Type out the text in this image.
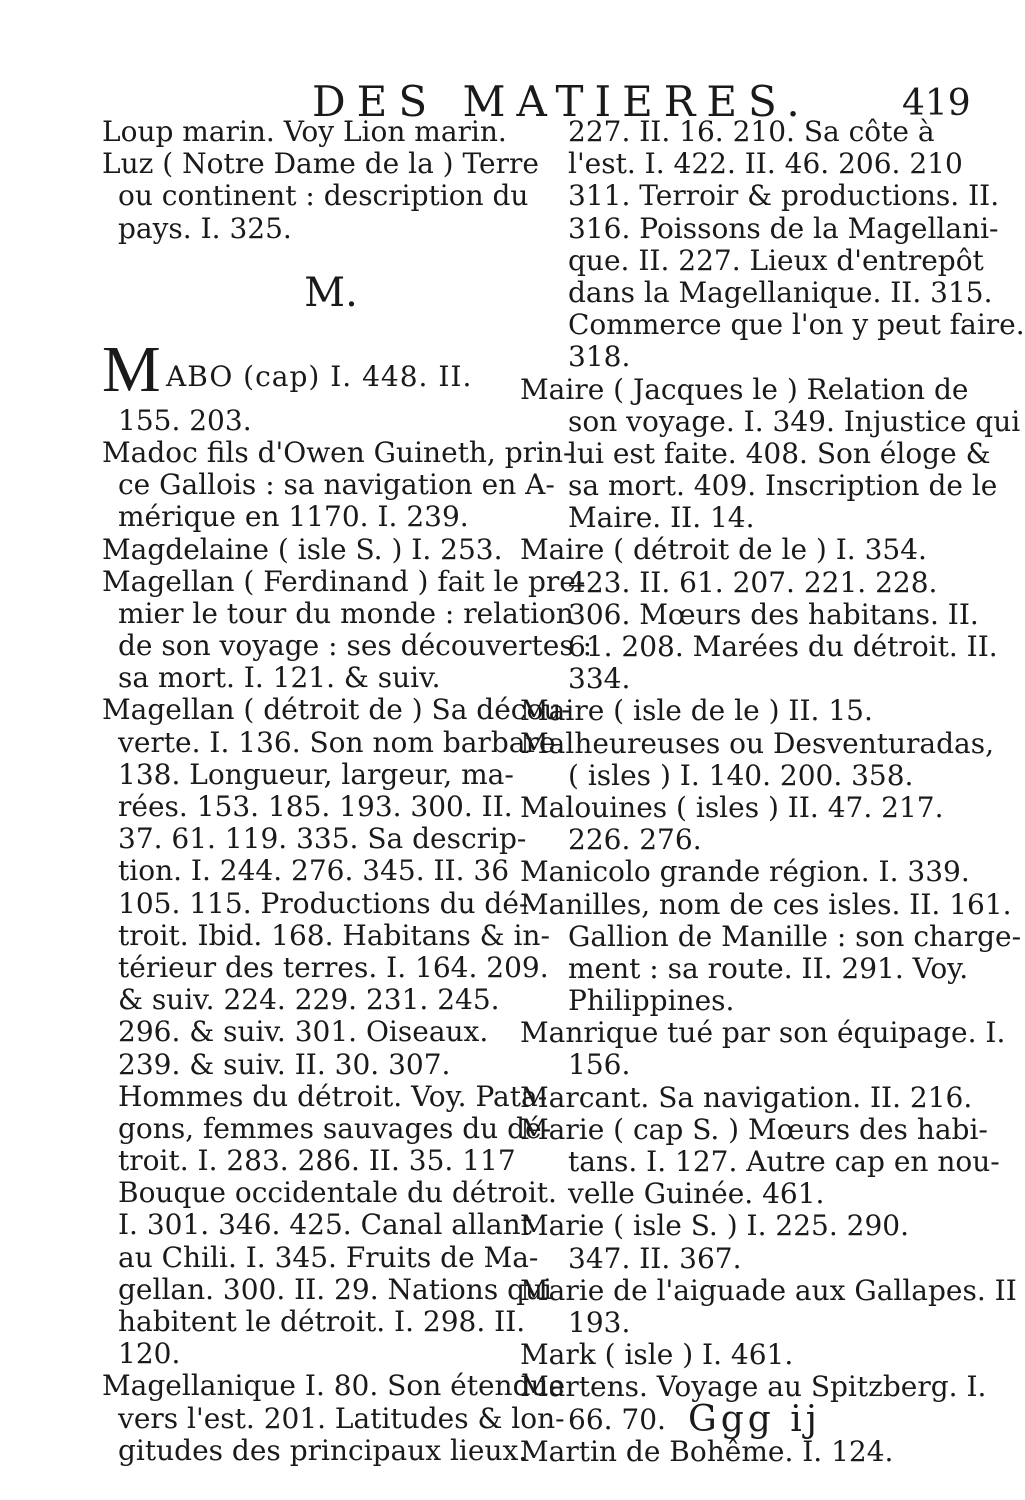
DES MATIERES.	419
Loup marin. Voy Lion marin.
Luz ( Notre Dame de la ) Terre
ou continent : description du
pays. I. 325.
M.
M ABO (cap) I. 448. II.
155. 203.
Madoc fils d'Owen Guineth, prin-
ce Gallois : sa navigation en A-
mérique en 1170. I. 239.
Magdelaine ( isle S. ) I. 253.
Magellan ( Ferdinand ) fait le pre-
mier le tour du monde : relation
de son voyage : ses découvertes :
sa mort. I. 121. & suiv.
Magellan ( détroit de ) Sa décou-
verte. I. 136. Son nom barbare.
138. Longueur, largeur, ma-
rées. 153. 185. 193. 300. II.
37. 61. 119. 335. Sa descrip-
tion. I. 244. 276. 345. II. 36
105. 115. Productions du dé-
troit. Ibid. 168. Habitans & in-
térieur des terres. I. 164. 209.
& suiv. 224. 229. 231. 245.
296. & suiv. 301. Oiseaux.
239. & suiv. II. 30. 307.
Hommes du détroit. Voy. Pata-
gons, femmes sauvages du dé-
troit. I. 283. 286. II. 35. 117
Bouque occidentale du détroit.
I. 301. 346. 425. Canal allant
au Chili. I. 345. Fruits de Ma-
gellan. 300. II. 29. Nations qui
habitent le détroit. I. 298. II.
120.
Magellanique I. 80. Son étendue
vers l'est. 201. Latitudes & lon-
gitudes des principaux lieux.
227. II. 16. 210. Sa côte à
l'est. I. 422. II. 46. 206. 210
311. Terroir & productions. II.
316. Poissons de la Magellani-
que. II. 227. Lieux d'entrepôt
dans la Magellanique. II. 315.
Commerce que l'on y peut faire.
318.
Maire ( Jacques le ) Relation de
son voyage. I. 349. Injustice qui
lui est faite. 408. Son éloge &
sa mort. 409. Inscription de le
Maire. II. 14.
Maire ( détroit de le ) I. 354.
423. II. 61. 207. 221. 228.
306. Mœurs des habitans. II.
61. 208. Marées du détroit. II.
334.
Maire ( isle de le ) II. 15.
Malheureuses ou Desventuradas,
( isles ) I. 140. 200. 358.
Malouines ( isles ) II. 47. 217.
226. 276.
Manicolo grande région. I. 339.
Manilles, nom de ces isles. II. 161.
Gallion de Manille : son charge-
ment : sa route. II. 291. Voy.
Philippines.
Manrique tué par son équipage. I.
156.
Marcant. Sa navigation. II. 216.
Marie ( cap S. ) Mœurs des habi-
tans. I. 127. Autre cap en nou-
velle Guinée. 461.
Marie ( isle S. ) I. 225. 290.
347. II. 367.
Marie de l'aiguade aux Gallapes. II
193.
Mark ( isle ) I. 461.
Martens. Voyage au Spitzberg. I.
66. 70.
Martin de Bohême. I. 124.
Ggg ij
